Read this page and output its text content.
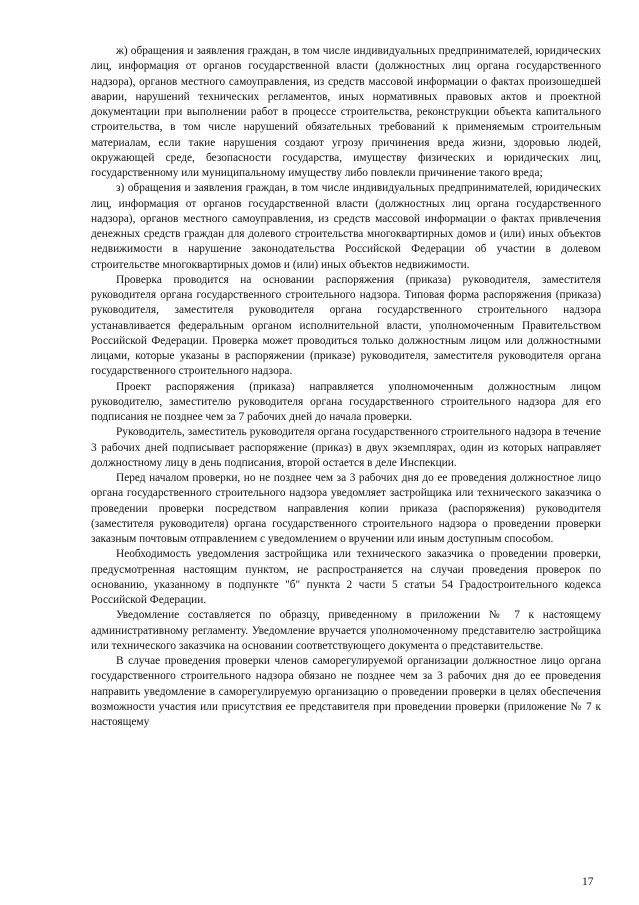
ж) обращения и заявления граждан, в том числе индивидуальных предпринимателей, юридических лиц, информация от органов государственной власти (должностных лиц органа государственного надзора), органов местного самоуправления, из средств массовой информации о фактах произошедшей аварии, нарушений технических регламентов, иных нормативных правовых актов и проектной документации при выполнении работ в процессе строительства, реконструкции объекта капитального строительства, в том числе нарушений обязательных требований к применяемым строительным материалам, если такие нарушения создают угрозу причинения вреда жизни, здоровью людей, окружающей среде, безопасности государства, имуществу физических и юридических лиц, государственному или муниципальному имуществу либо повлекли причинение такого вреда;

з) обращения и заявления граждан, в том числе индивидуальных предпринимателей, юридических лиц, информация от органов государственной власти (должностных лиц органа государственного надзора), органов местного самоуправления, из средств массовой информации о фактах привлечения денежных средств граждан для долевого строительства многоквартирных домов и (или) иных объектов недвижимости в нарушение законодательства Российской Федерации об участии в долевом строительстве многоквартирных домов и (или) иных объектов недвижимости.

Проверка проводится на основании распоряжения (приказа) руководителя, заместителя руководителя органа государственного строительного надзора. Типовая форма распоряжения (приказа) руководителя, заместителя руководителя органа государственного строительного надзора устанавливается федеральным органом исполнительной власти, уполномоченным Правительством Российской Федерации. Проверка может проводиться только должностным лицом или должностными лицами, которые указаны в распоряжении (приказе) руководителя, заместителя руководителя органа государственного строительного надзора.

Проект распоряжения (приказа) направляется уполномоченным должностным лицом руководителю, заместителю руководителя органа государственного строительного надзора для его подписания не позднее чем за 7 рабочих дней до начала проверки.

Руководитель, заместитель руководителя органа государственного строительного надзора в течение 3 рабочих дней подписывает распоряжение (приказ) в двух экземплярах, один из которых направляет должностному лицу в день подписания, второй остается в деле Инспекции.

Перед началом проверки, но не позднее чем за 3 рабочих дня до ее проведения должностное лицо органа государственного строительного надзора уведомляет застройщика или технического заказчика о проведении проверки посредством направления копии приказа (распоряжения) руководителя (заместителя руководителя) органа государственного строительного надзора о проведении проверки заказным почтовым отправлением с уведомлением о вручении или иным доступным способом.

Необходимость уведомления застройщика или технического заказчика о проведении проверки, предусмотренная настоящим пунктом, не распространяется на случаи проведения проверок по основанию, указанному в подпункте "б" пункта 2 части 5 статьи 54 Градостроительного кодекса Российской Федерации.

Уведомление составляется по образцу, приведенному в приложении № 7 к настоящему административному регламенту. Уведомление вручается уполномоченному представителю застройщика или технического заказчика на основании соответствующего документа о представительстве.

В случае проведения проверки членов саморегулируемой организации должностное лицо органа государственного строительного надзора обязано не позднее чем за 3 рабочих дня до ее проведения направить уведомление в саморегулируемую организацию о проведении проверки в целях обеспечения возможности участия или присутствия ее представителя при проведении проверки (приложение № 7 к настоящему

17
